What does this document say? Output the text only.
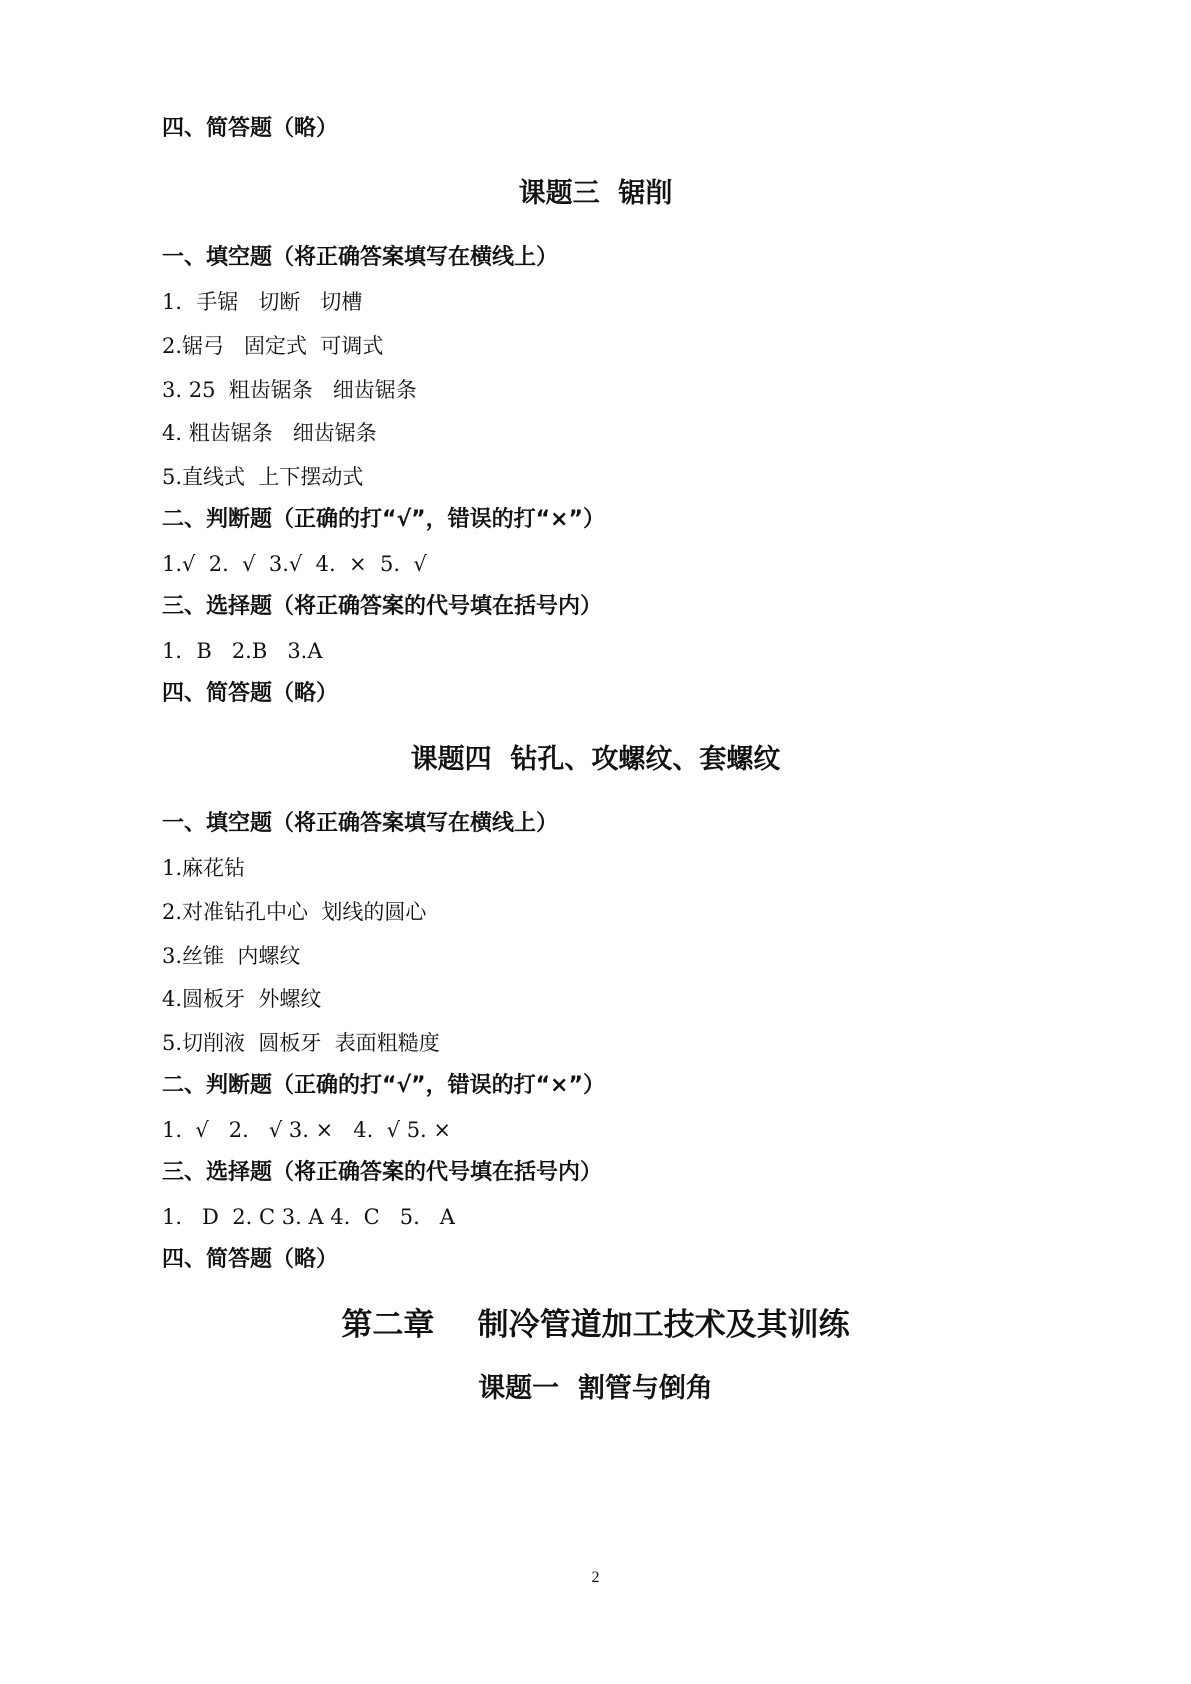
四、简答题（略）
课题三  锯削
一、填空题（将正确答案填写在横线上）
1．手锯   切断   切槽
2.锯弓   固定式  可调式
3. 25  粗齿锯条   细齿锯条
4. 粗齿锯条   细齿锯条
5.直线式  上下摆动式
二、判断题（正确的打“√”，错误的打“×”）
1.√  2.  √  3.√  4.  ×  5.  √
三、选择题（将正确答案的代号填在括号内）
1．B   2.B   3.A
四、简答题（略）
课题四  钻孔、攻螺纹、套螺纹
一、填空题（将正确答案填写在横线上）
1.麻花钻
2.对准钻孔中心  划线的圆心
3.丝锥  内螺纹
4.圆板牙  外螺纹
5.切削液  圆板牙  表面粗糙度
二、判断题（正确的打“√”，错误的打“×”）
1.  √   2.   √ 3. ×   4.  √ 5. ×
三、选择题（将正确答案的代号填在括号内）
1.   D  2. C 3. A 4.  C   5.   A
四、简答题（略）
第二章    制冷管道加工技术及其训练
课题一  割管与倒角
2
